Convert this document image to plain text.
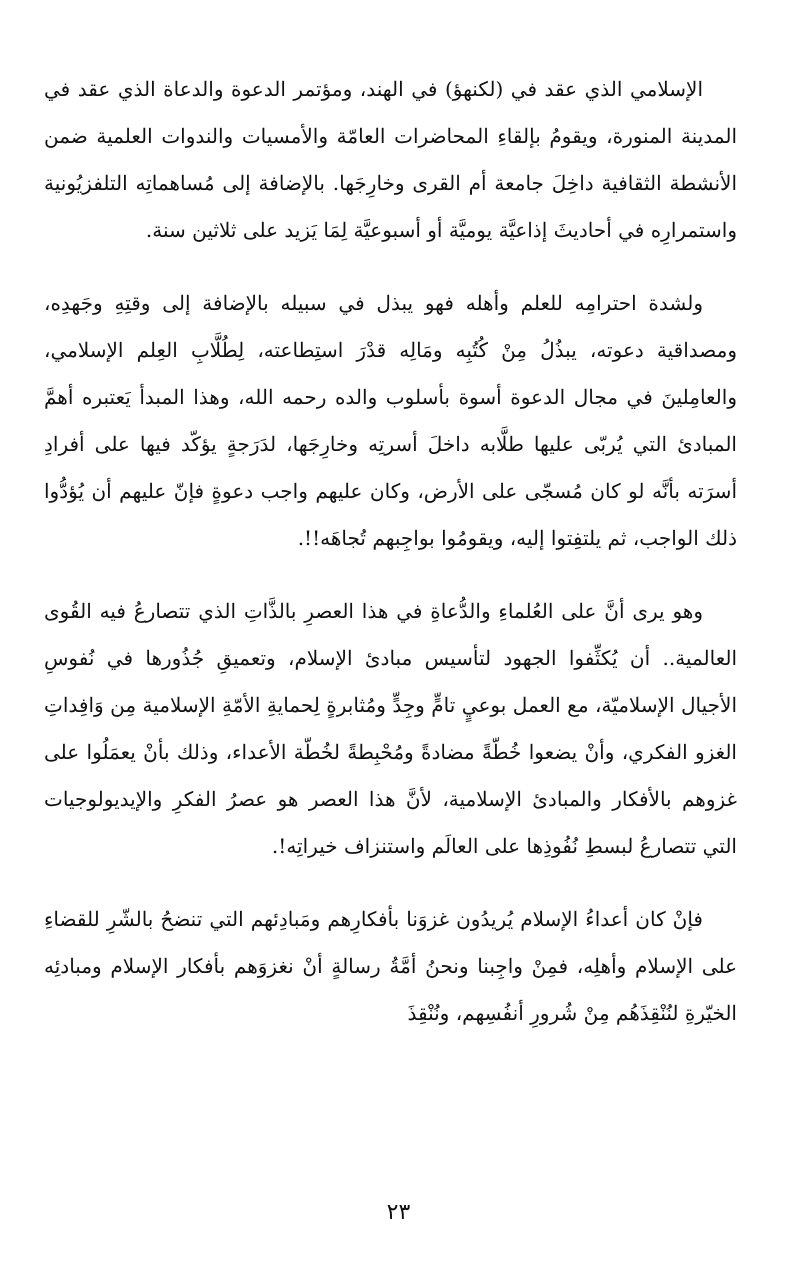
الإسلامي الذي عقد في (لكنهؤ) في الهند، ومؤتمر الدعوة والدعاة الذي عقد في المدينة المنورة، ويقومُ بإلقاءِ المحاضرات العامّة والأمسيات والندوات العلمية ضمن الأنشطة الثقافية داخِلَ جامعة أم القرى وخارِجَها. بالإضافة إلى مُساهماتِه التلفزيُونية واستمرارِه في أحاديثَ إذاعيَّة يوميَّة أو أسبوعيَّة لِمَا يَزيد على ثلاثين سنة.

ولشدة احترامِه للعلم وأهله فهو يبذل في سبيله بالإضافة إلى وقتِهِ وجَهدِه، ومصداقية دعوته، يبذُلُ مِنْ كُتُبِه ومَالِه قدْرَ استِطاعته، لِطُلَّابِ العِلم الإسلامي، والعامِلينَ في مجال الدعوة أسوة بأسلوب والده رحمه الله، وهذا المبدأ يَعتبره أهمَّ المبادئ التي يُربّى عليها طلَّابه داخلَ أسرتِه وخارِجَها، لدَرَجةٍ يؤكّد فيها على أفرادِ أسرَته بأنَّه لو كان مُسجّى على الأرض، وكان عليهم واجب دعوةٍ فإنّ عليهم أن يُؤدُّوا ذلك الواجب، ثم يلتفِتوا إليه، ويقومُوا بواجِبهم تُجاهَه!!.

وهو يرى أنَّ على العُلماءِ والدُّعاةِ في هذا العصرِ بالذَّاتِ الذي تتصارعُ فيه القُوى العالمية.. أن يُكثِّفوا الجهود لتأسيس مبادئ الإسلام، وتعميقِ جُذُورها في نُفوسِ الأجيال الإسلاميّة، مع العمل بوعيٍ تامٍّ وجِدٍّ ومُثابرةٍ لِحمايةِ الأمّةِ الإسلامية مِن وَافِداتِ الغزو الفكري، وأنْ يضعوا خُطّةً مضادةً ومُحْبِطةً لخُطّة الأعداء، وذلك بأنْ يعمَلُوا على غزوهم بالأفكار والمبادئ الإسلامية، لأنَّ هذا العصر هو عصرُ الفكرِ والإيديولوجيات التي تتصارعُ لبسطِ نُفُوذِها على العالَم واستنزاف خيراتِه!.

فإنْ كان أعداءُ الإسلام يُريدُون غزوَنا بأفكارِهم ومَبادِئهم التي تنضحُ بالشّرِ للقضاءِ على الإسلام وأهلِه، فمِنْ واجِبنا ونحنُ أمَّةُ رسالةٍ أنْ نغزوَهم بأفكار الإسلام ومبادئِه الخيّرةِ لنُنْقِذَهُم مِنْ شُرورِ أنفُسِهم، ونُنْقِذَ

٢٣
